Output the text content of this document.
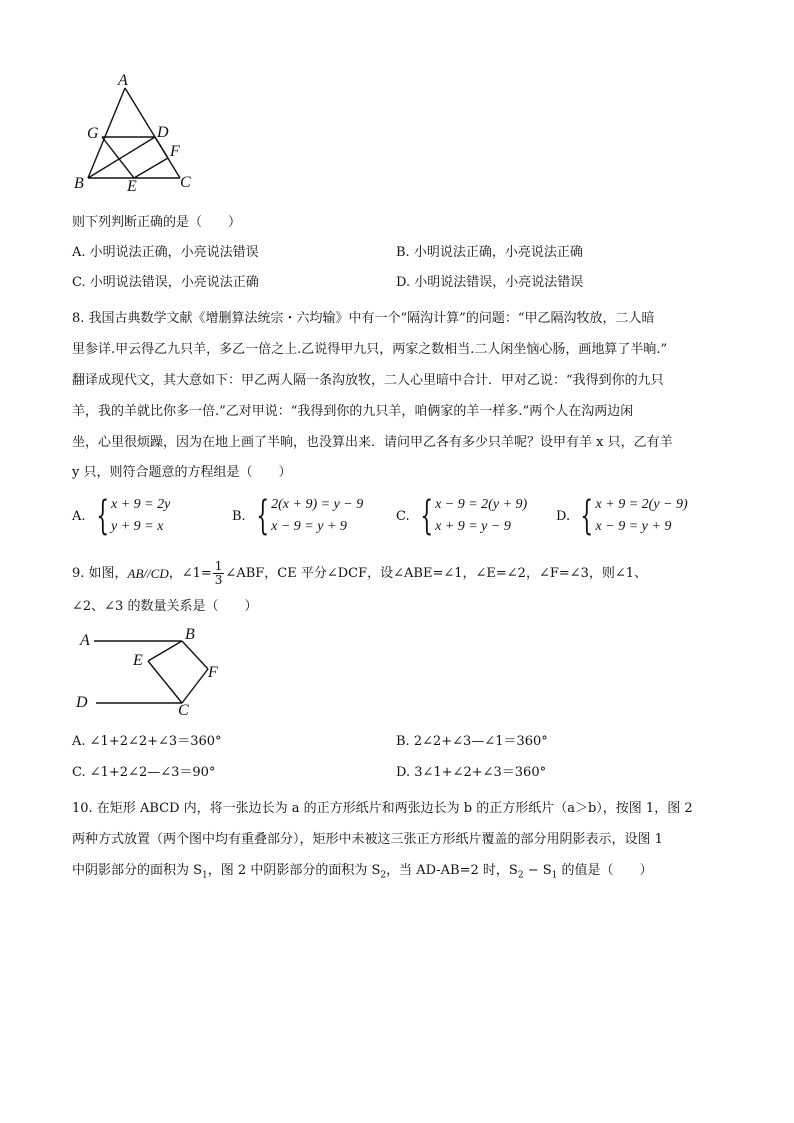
A
G	D
F
B	E	C
则下列判断正确的是（　　）
A. 小明说法正确，小亮说法错误	B. 小明说法正确，小亮说法正确
C. 小明说法错误，小亮说法正确	D. 小明说法错误，小亮说法错误
8. 我国古典数学文献《增删算法统宗・六均输》中有一个“隔沟计算”的问题：“甲乙隔沟牧放，二人暗
里参详.甲云得乙九只羊，多乙一倍之上.乙说得甲九只，两家之数相当.二人闲坐恼心肠，画地算了半晌.”
翻译成现代文，其大意如下：甲乙两人隔一条沟放牧，二人心里暗中合计．甲对乙说：“我得到你的九只
羊，我的羊就比你多一倍.”乙对甲说：“我得到你的九只羊，咱俩家的羊一样多.”两个人在沟两边闲
坐，心里很烦躁，因为在地上画了半晌，也没算出来．请问甲乙各有多少只羊呢？设甲有羊 x 只，乙有羊
y 只，则符合题意的方程组是（　　）
A. { x + 9 = 2y
y + 9 = x
B. { 2(x + 9) = y − 9
x − 9 = y + 9
C. { x − 9 = 2(y + 9)
x + 9 = y − 9
D. { x + 9 = 2(y − 9)
x − 9 = y + 9
9. 如图， AB//CD ，∠1= $\frac{1}{3}$ ∠ABF，CE 平分∠DCF，设∠ABE=∠1，∠E=∠2，∠F=∠3，则∠1、
∠2、∠3 的数量关系是（　　）
A	B
E
F
D	C
A. ∠1+2∠2+∠3＝360°	B. 2∠2+∠3—∠1＝360°
C. ∠1+2∠2—∠3＝90°	D. 3∠1+∠2+∠3＝360°
10. 在矩形 ABCD 内，将一张边长为 a 的正方形纸片和两张边长为 b 的正方形纸片（a＞b），按图 1，图 2
两种方式放置（两个图中均有重叠部分），矩形中未被这三张正方形纸片覆盖的部分用阴影表示，设图 1
中阴影部分的面积为 $S_1$，图 2 中阴影部分的面积为 $S_2$，当 AD-AB=2 时，$S_2 - S_1$ 的值是（　　）
